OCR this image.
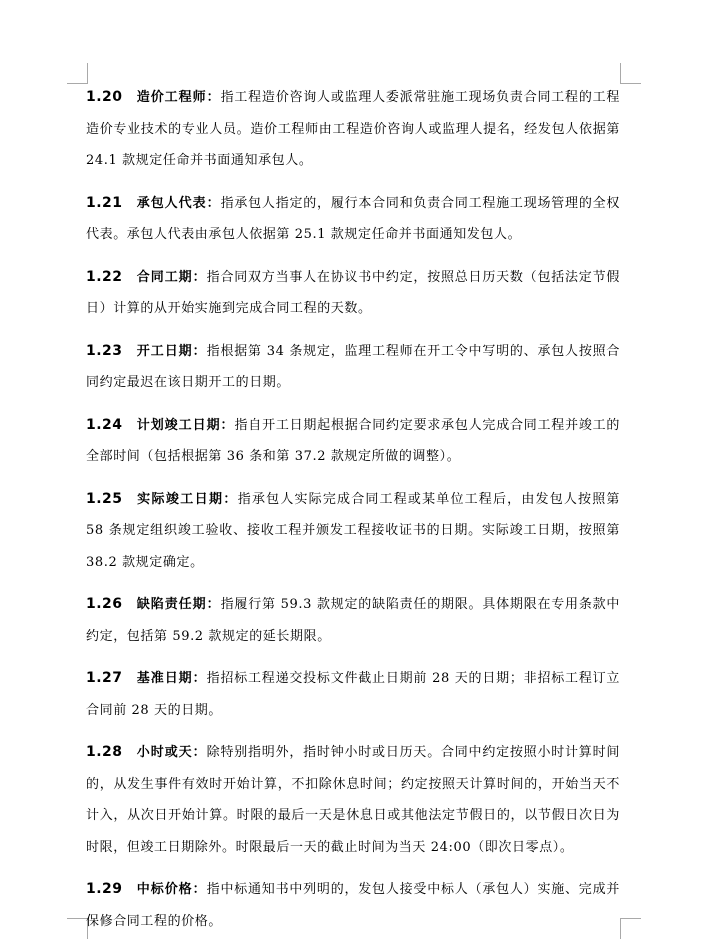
1.20 造价工程师：指工程造价咨询人或监理人委派常驻施工现场负责合同工程的工程造价专业技术的专业人员。造价工程师由工程造价咨询人或监理人提名，经发包人依据第 24.1 款规定任命并书面通知承包人。

1.21 承包人代表：指承包人指定的，履行本合同和负责合同工程施工现场管理的全权代表。承包人代表由承包人依据第 25.1 款规定任命并书面通知发包人。

1.22 合同工期：指合同双方当事人在协议书中约定，按照总日历天数（包括法定节假日）计算的从开始实施到完成合同工程的天数。

1.23 开工日期：指根据第 34 条规定，监理工程师在开工令中写明的、承包人按照合同约定最迟在该日期开工的日期。

1.24 计划竣工日期：指自开工日期起根据合同约定要求承包人完成合同工程并竣工的全部时间（包括根据第 36 条和第 37.2 款规定所做的调整）。

1.25 实际竣工日期：指承包人实际完成合同工程或某单位工程后，由发包人按照第 58 条规定组织竣工验收、接收工程并颁发工程接收证书的日期。实际竣工日期，按照第 38.2 款规定确定。

1.26 缺陷责任期：指履行第 59.3 款规定的缺陷责任的期限。具体期限在专用条款中约定，包括第 59.2 款规定的延长期限。

1.27 基准日期：指招标工程递交投标文件截止日期前 28 天的日期；非招标工程订立合同前 28 天的日期。

1.28 小时或天：除特别指明外，指时钟小时或日历天。合同中约定按照小时计算时间的，从发生事件有效时开始计算，不扣除休息时间；约定按照天计算时间的，开始当天不计入，从次日开始计算。时限的最后一天是休息日或其他法定节假日的，以节假日次日为时限，但竣工日期除外。时限最后一天的截止时间为当天 24:00（即次日零点）。

1.29 中标价格：指中标通知书中列明的，发包人接受中标人（承包人）实施、完成并保修合同工程的价格。
